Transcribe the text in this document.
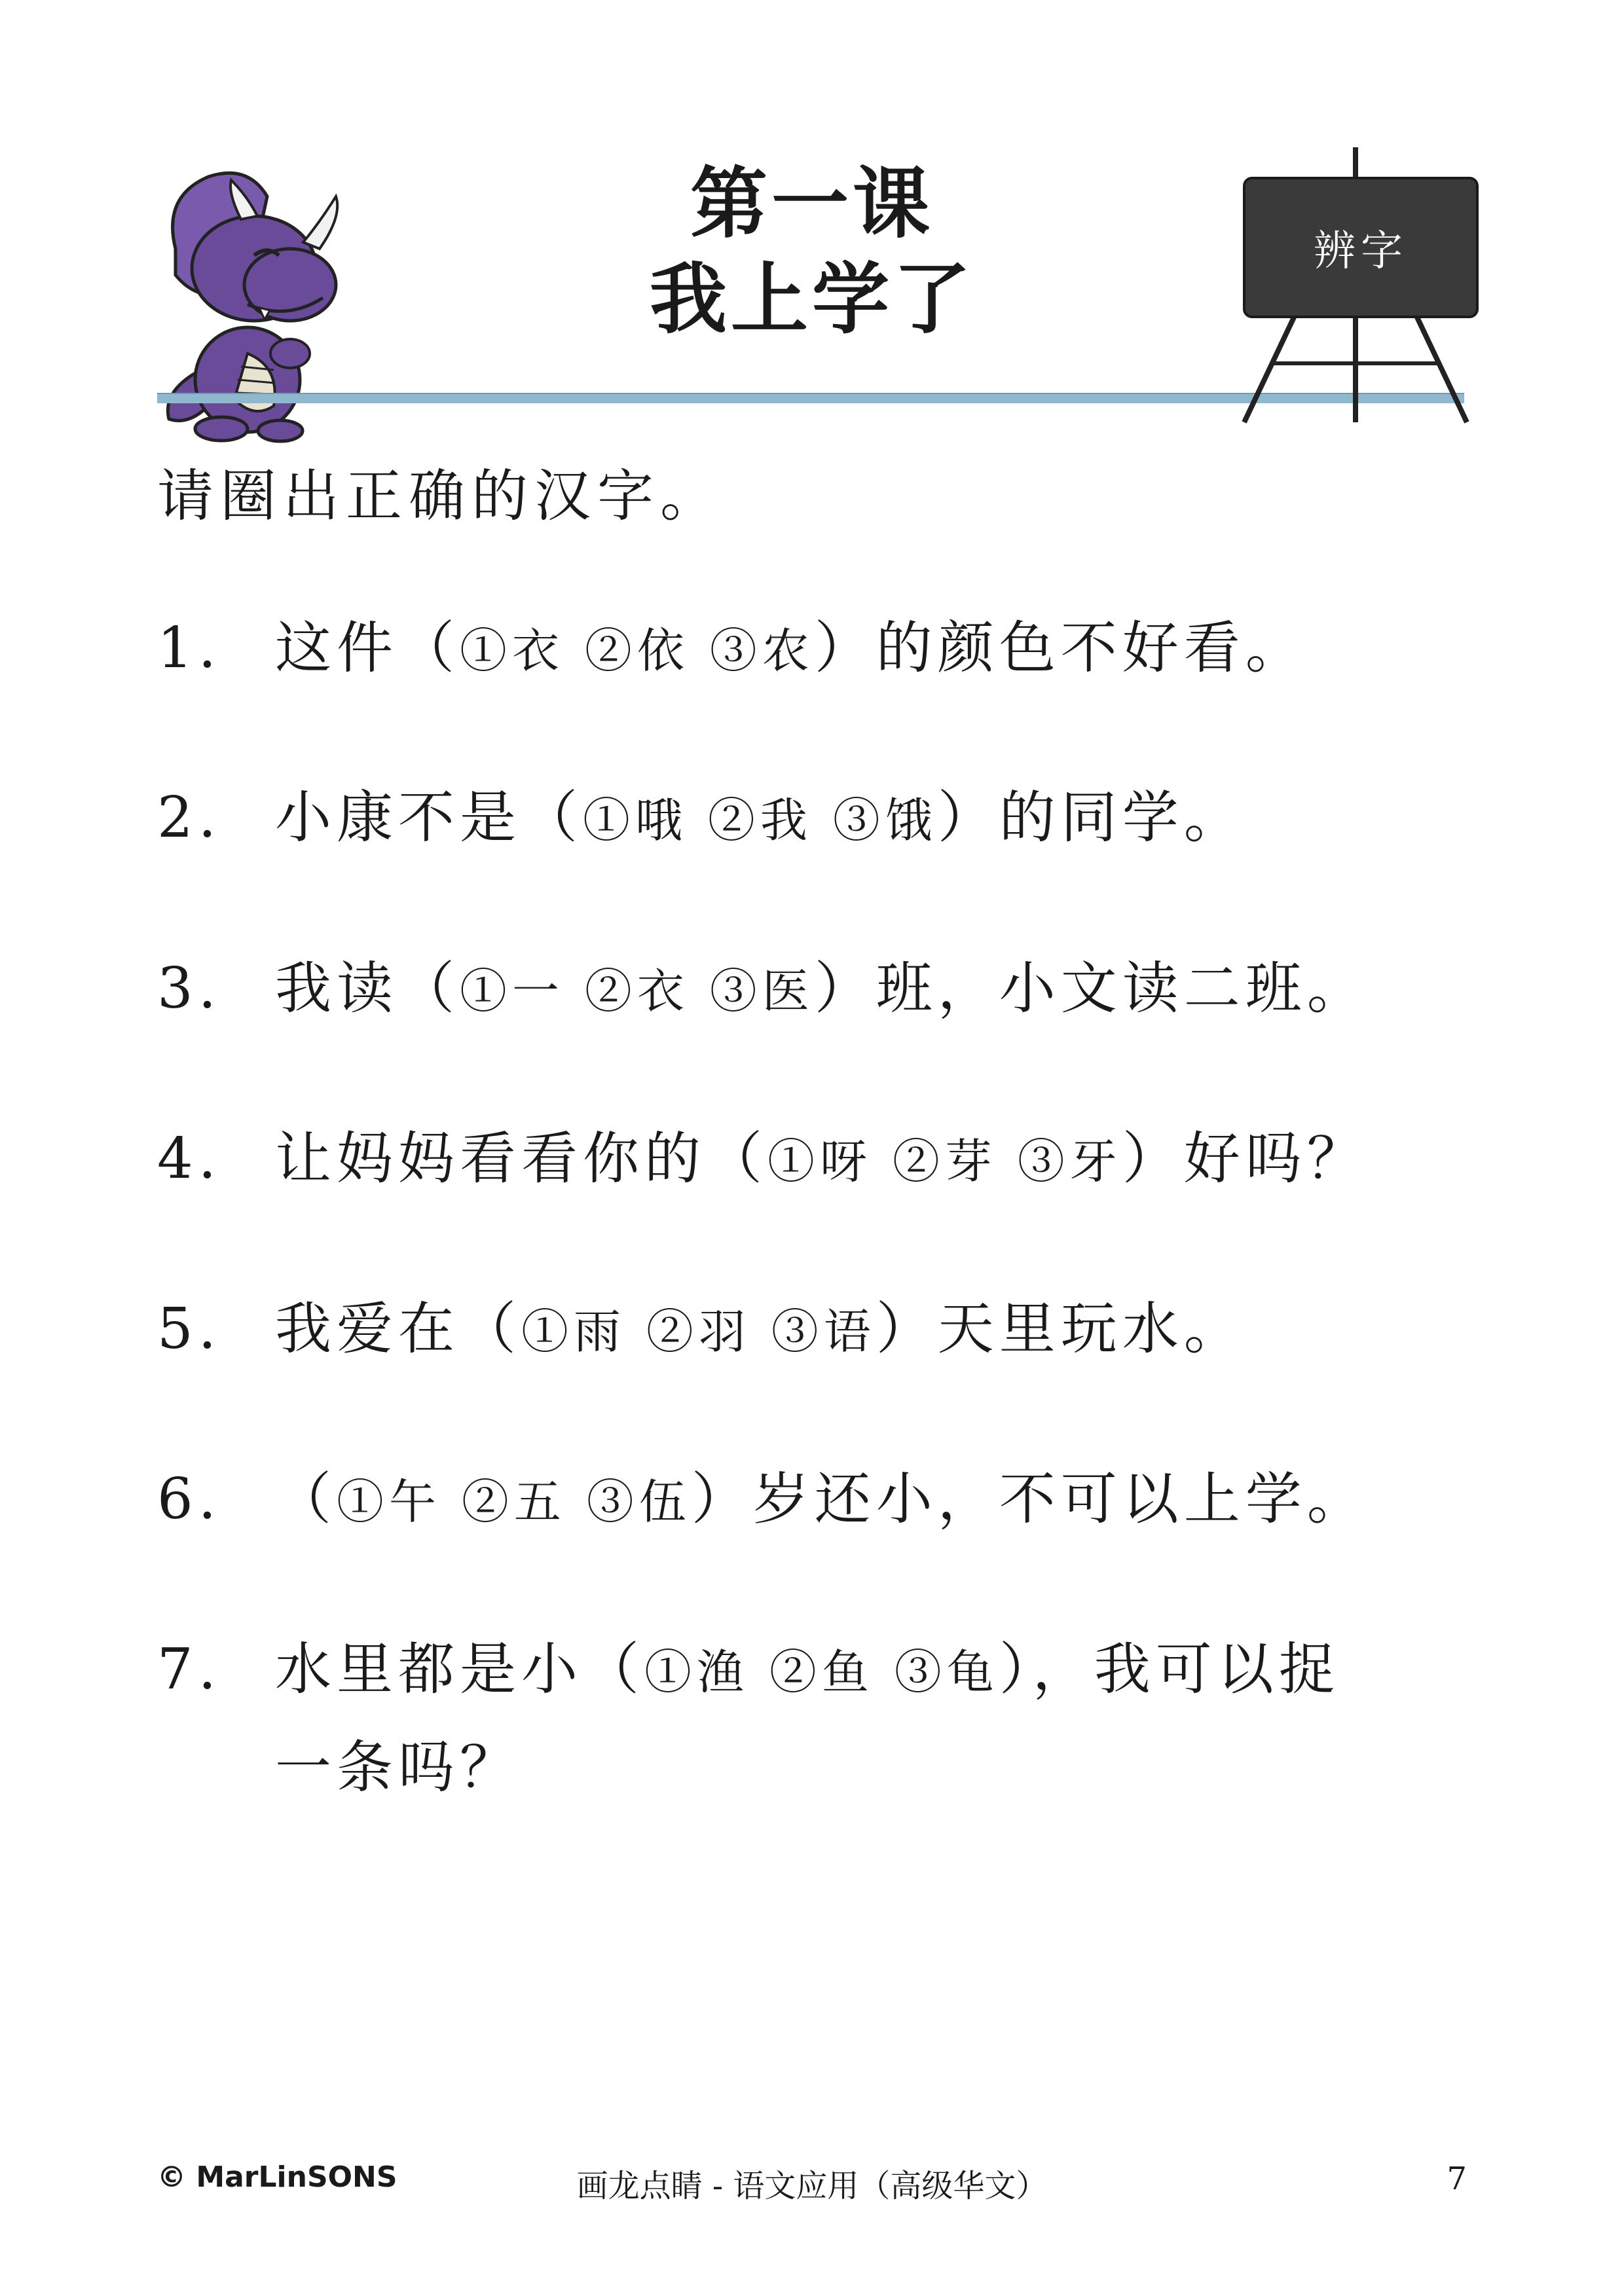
第一课
我上学了
辨字
请圈出正确的汉字。
1. 这件（①衣 ②依 ③农）的颜色不好看。
2. 小康不是（①哦 ②我 ③饿）的同学。
3. 我读（①一 ②衣 ③医）班，小文读二班。
4. 让妈妈看看你的（①呀 ②芽 ③牙）好吗？
5. 我爱在（①雨 ②羽 ③语）天里玩水。
6. （①午 ②五 ③伍）岁还小，不可以上学。
7. 水里都是小（①渔 ②鱼 ③龟），我可以捉
一条吗？
© MarLinSONS	画龙点睛 - 语文应用（高级华文）	7
